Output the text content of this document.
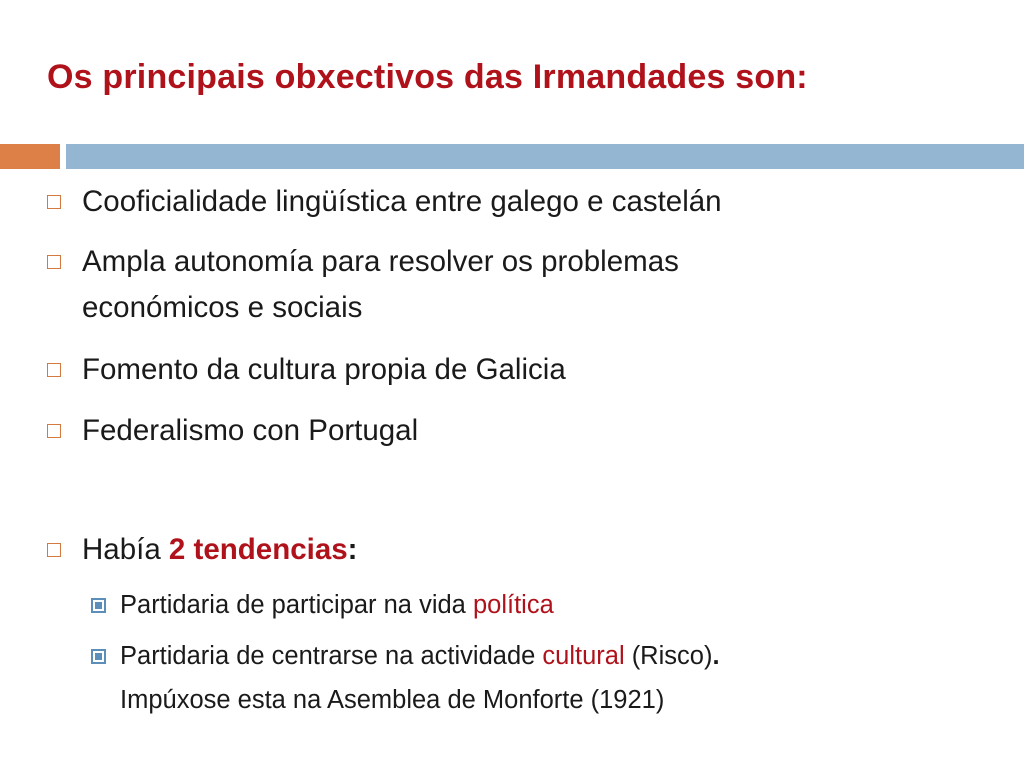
Os principais obxectivos das Irmandades son:
Cooficialidade lingüística entre galego e castelán
Ampla autonomía para resolver os problemas
económicos e sociais
Fomento da cultura propia de Galicia
Federalismo con Portugal
Había 2 tendencias:
Partidaria de participar na vida política
Partidaria de centrarse na actividade cultural (Risco).
Impúxose esta na Asemblea de Monforte (1921)
